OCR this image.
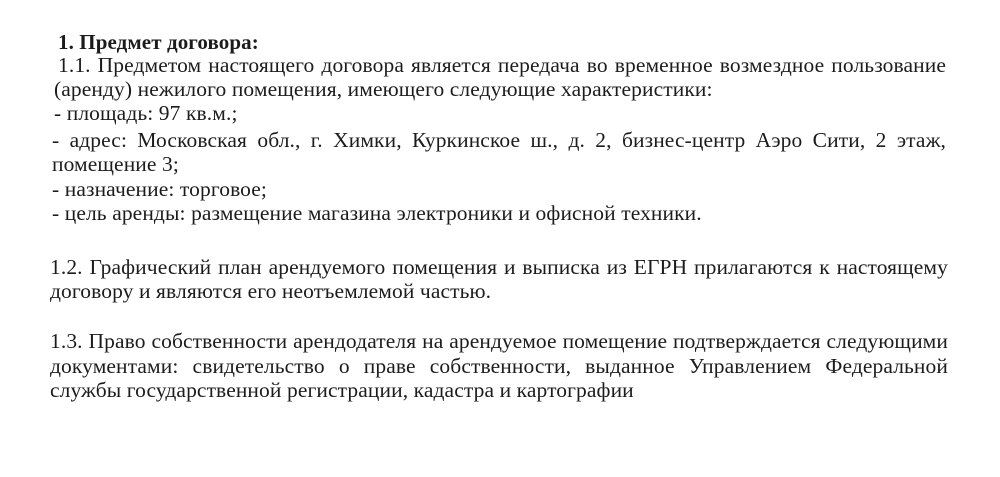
1. Предмет договора:
1.1. Предметом настоящего договора является передача во временное возмездное пользование
(аренду) нежилого помещения, имеющего следующие характеристики:
- площадь: 97 кв.м.;
- адрес: Московская обл., г. Химки, Куркинское ш., д. 2, бизнес-центр Аэро Сити, 2 этаж,
помещение 3;
- назначение: торговое;
- цель аренды: размещение магазина электроники и офисной техники.
1.2. Графический план арендуемого помещения и выписка из ЕГРН прилагаются к настоящему
договору и являются его неотъемлемой частью.
1.3. Право собственности арендодателя на арендуемое помещение подтверждается следующими
документами: свидетельство о праве собственности, выданное Управлением Федеральной
службы государственной регистрации, кадастра и картографии
